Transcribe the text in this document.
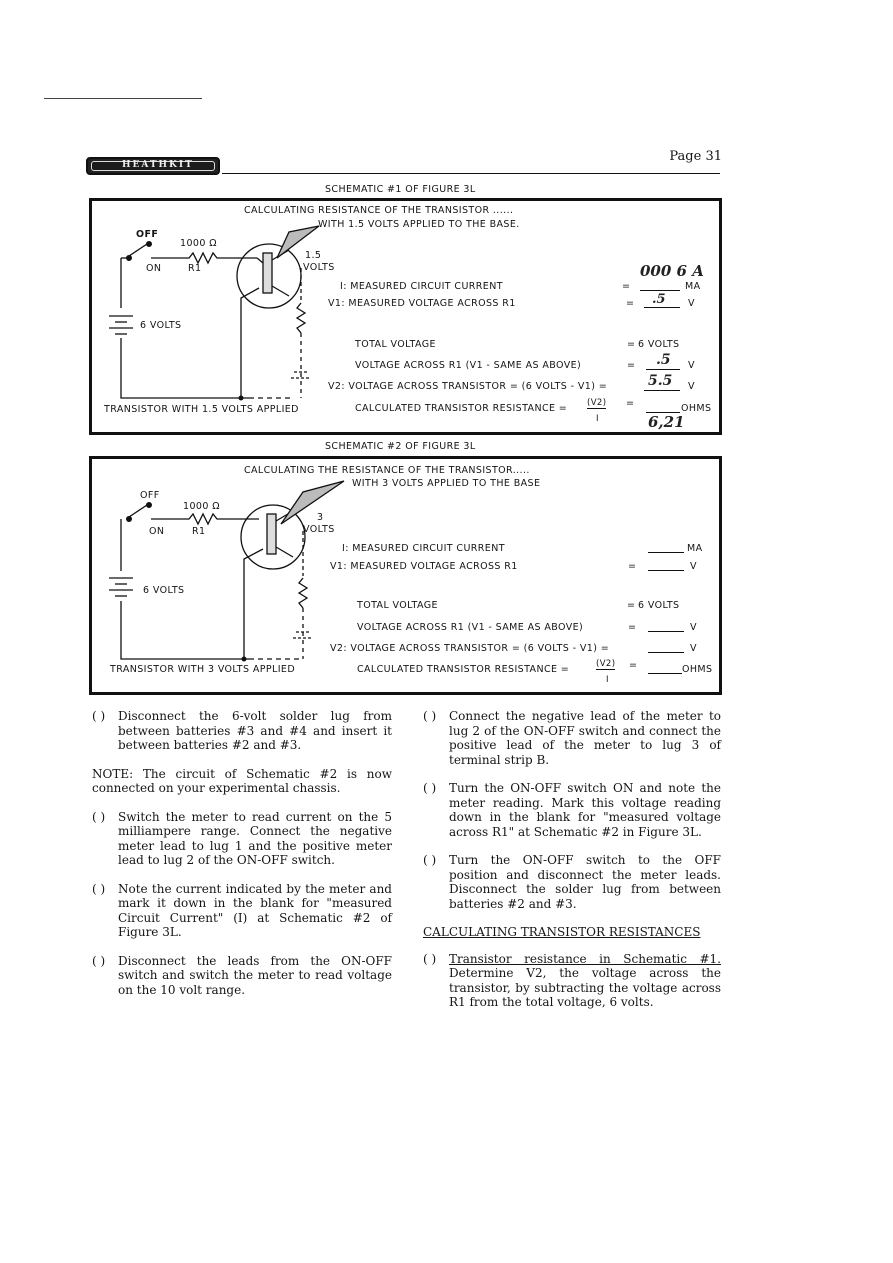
HEATHKIT
Page 31
SCHEMATIC #1 OF FIGURE 3L
CALCULATING RESISTANCE OF THE TRANSISTOR ......
WITH 1.5 VOLTS APPLIED TO THE BASE.
OFF
1000 Ω
ON	R1
1.5
VOLTS
6 VOLTS
TRANSISTOR WITH 1.5 VOLTS APPLIED
I: MEASURED CIRCUIT CURRENT	=	MA
000 6 A
V1: MEASURED VOLTAGE ACROSS R1	= .5 V
TOTAL VOLTAGE	= 6 VOLTS
VOLTAGE ACROSS R1 (V1 - SAME AS ABOVE)	= .5 V
V2: VOLTAGE ACROSS TRANSISTOR = (6 VOLTS - V1) =	5.5 V
CALCULATED TRANSISTOR RESISTANCE = (V2)
I
=	OHMS
6,21
SCHEMATIC #2 OF FIGURE 3L
CALCULATING THE RESISTANCE OF THE TRANSISTOR.....
WITH 3 VOLTS APPLIED TO THE BASE
OFF
1000 Ω
ON	R1
3
VOLTS
6 VOLTS
TRANSISTOR WITH 3 VOLTS APPLIED
I: MEASURED CIRCUIT CURRENT	MA
V1: MEASURED VOLTAGE ACROSS R1	=	V
TOTAL VOLTAGE	= 6 VOLTS
VOLTAGE ACROSS R1 (V1 - SAME AS ABOVE)	=	V
V2: VOLTAGE ACROSS TRANSISTOR = (6 VOLTS - V1) =	V
CALCULATED TRANSISTOR RESISTANCE =	(V2)
I
=	OHMS
( ) Disconnect the 6-volt solder lug from between batteries #3 and #4 and insert it between batteries #2 and #3.
NOTE: The circuit of Schematic #2 is now connected on your experimental chassis.
( ) Switch the meter to read current on the 5 milliampere range. Connect the negative meter lead to lug 1 and the positive meter lead to lug 2 of the ON-OFF switch.
( ) Note the current indicated by the meter and mark it down in the blank for "measured Circuit Current" (I) at Schematic #2 of Figure 3L.
( ) Disconnect the leads from the ON-OFF switch and switch the meter to read voltage on the 10 volt range.
( ) Connect the negative lead of the meter to lug 2 of the ON-OFF switch and connect the positive lead of the meter to lug 3 of terminal strip B.
( ) Turn the ON-OFF switch ON and note the meter reading. Mark this voltage reading down in the blank for "measured voltage across R1" at Schematic #2 in Figure 3L.
( ) Turn the ON-OFF switch to the OFF position and disconnect the meter leads. Disconnect the solder lug from between batteries #2 and #3.
CALCULATING TRANSISTOR RESISTANCES
( ) Transistor resistance in Schematic #1. Determine V2, the voltage across the transistor, by subtracting the voltage across R1 from the total voltage, 6 volts.
